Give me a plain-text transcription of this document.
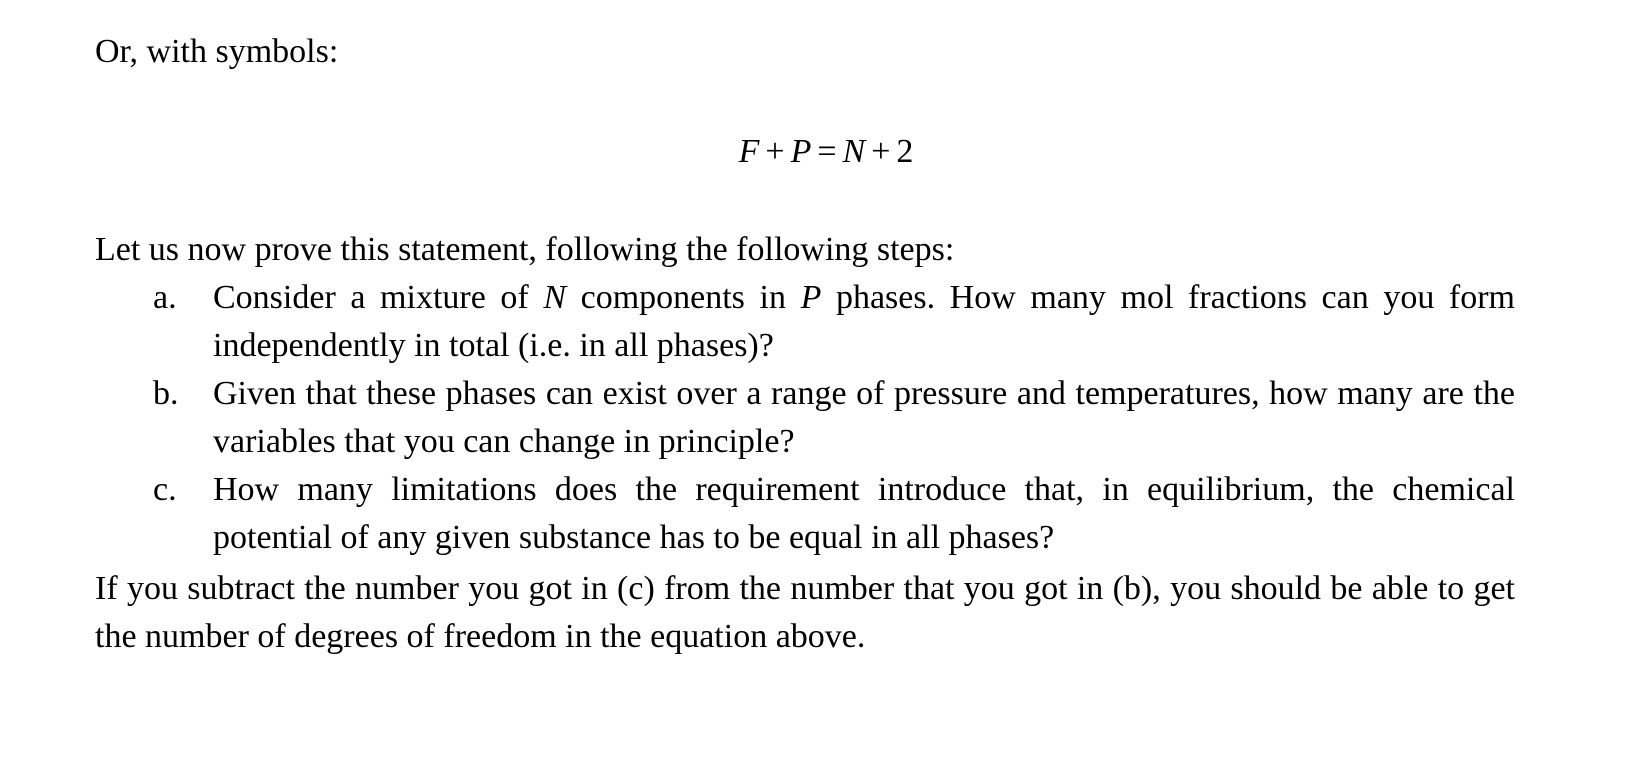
Or, with symbols:
F + P = N + 2
Let us now prove this statement, following the following steps:
a. Consider a mixture of N components in P phases. How many mol fractions can you form independently in total (i.e. in all phases)?
b. Given that these phases can exist over a range of pressure and temperatures, how many are the variables that you can change in principle?
c. How many limitations does the requirement introduce that, in equilibrium, the chemical potential of any given substance has to be equal in all phases?
If you subtract the number you got in (c) from the number that you got in (b), you should be able to get the number of degrees of freedom in the equation above.
